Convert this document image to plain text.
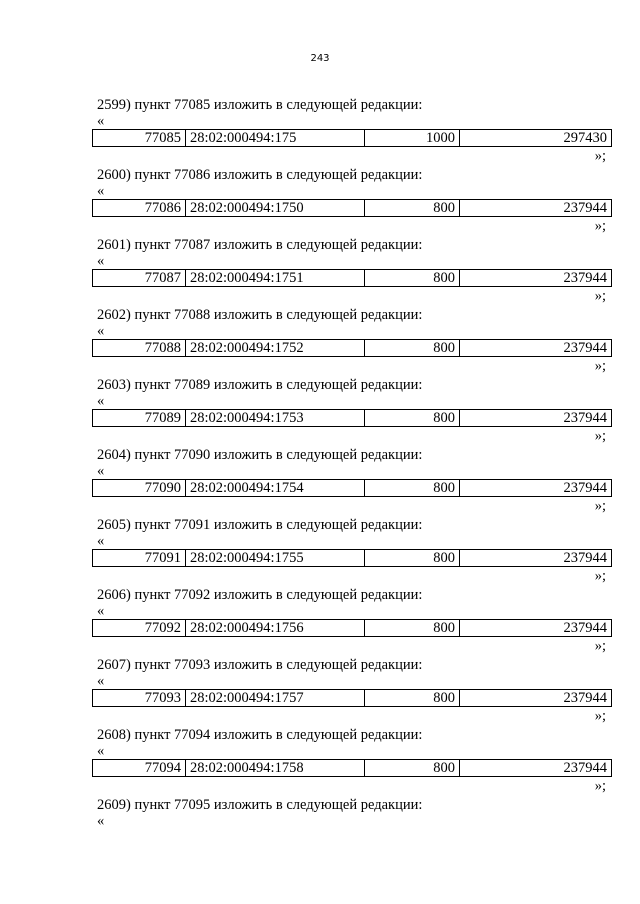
243
2599) пункт 77085 изложить в следующей редакции:
«
77085	28:02:000494:175	1000	297430
»;
2600) пункт 77086 изложить в следующей редакции:
«
77086	28:02:000494:1750	800	237944
»;
2601) пункт 77087 изложить в следующей редакции:
«
77087	28:02:000494:1751	800	237944
»;
2602) пункт 77088 изложить в следующей редакции:
«
77088	28:02:000494:1752	800	237944
»;
2603) пункт 77089 изложить в следующей редакции:
«
77089	28:02:000494:1753	800	237944
»;
2604) пункт 77090 изложить в следующей редакции:
«
77090	28:02:000494:1754	800	237944
»;
2605) пункт 77091 изложить в следующей редакции:
«
77091	28:02:000494:1755	800	237944
»;
2606) пункт 77092 изложить в следующей редакции:
«
77092	28:02:000494:1756	800	237944
»;
2607) пункт 77093 изложить в следующей редакции:
«
77093	28:02:000494:1757	800	237944
»;
2608) пункт 77094 изложить в следующей редакции:
«
77094	28:02:000494:1758	800	237944
»;
2609) пункт 77095 изложить в следующей редакции:
«
